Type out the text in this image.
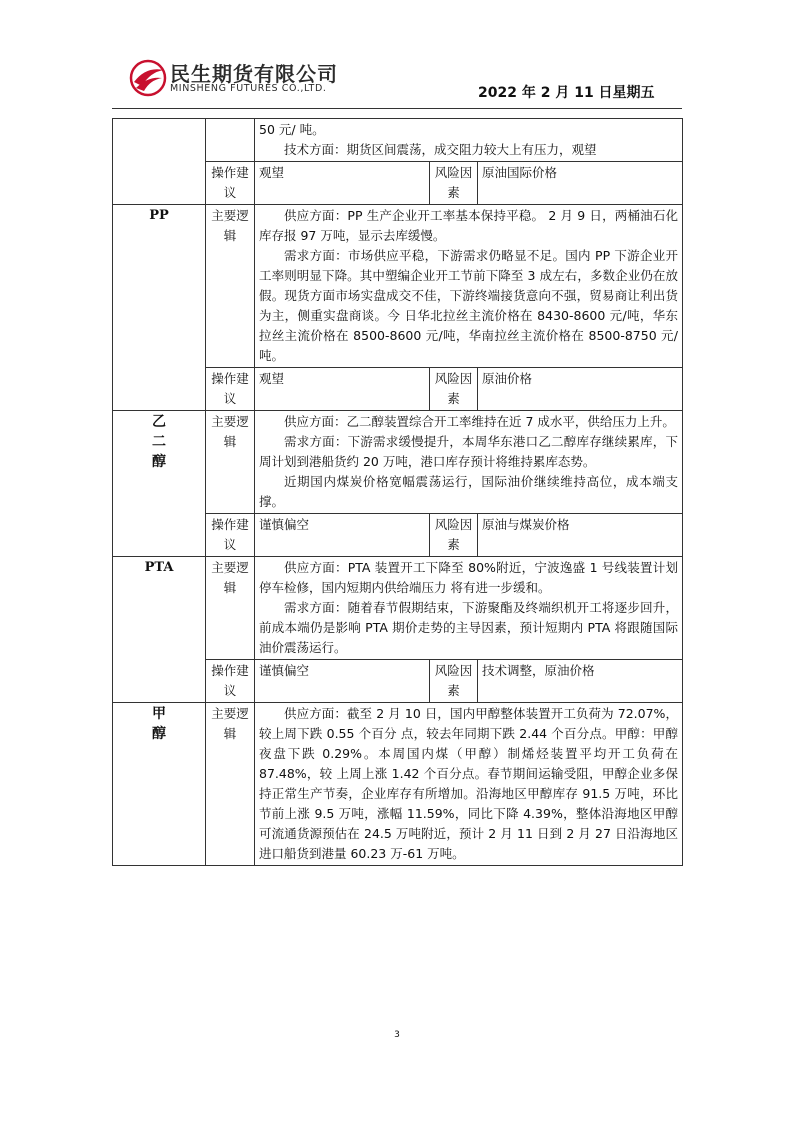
民生期货有限公司
MINSHENG FUTURES CO.,LTD.	2022 年 2 月 11 日星期五

		50 元/ 吨。

技术方面：期货区间震荡，成交阻力较大上有压力，观望		

	操作建议	观望	风险因素	原油国际价格
PP	主要逻辑	供应方面：PP 生产企业开工率基本保持平稳。 2 月 9 日，两桶油石化库存报 97 万吨，显示去库缓慢。

需求方面：市场供应平稳，下游需求仍略显不足。国内 PP 下游企业开工率则明显下降。其中塑编企业开工节前下降至 3 成左右，多数企业仍在放假。现货方面市场实盘成交不佳，下游终端接货意向不强，贸易商让利出货为主，侧重实盘商谈。今 日华北拉丝主流价格在 8430-8600 元/吨，华东拉丝主流价格在 8500-8600 元/吨，华南拉丝主流价格在 8500-8750 元/吨。		

	操作建议	观望	风险因素	原油价格
乙二醇	主要逻辑	供应方面：乙二醇装置综合开工率维持在近 7 成水平，供给压力上升。

需求方面：下游需求缓慢提升，本周华东港口乙二醇库存继续累库，下周计划到港船货约 20 万吨，港口库存预计将维持累库态势。

近期国内煤炭价格宽幅震荡运行，国际油价继续维持高位，成本端支撑。		

	操作建议	谨慎偏空	风险因素	原油与煤炭价格
PTA	主要逻辑	供应方面：PTA 装置开工下降至 80%附近，宁波逸盛 1 号线装置计划停车检修，国内短期内供给端压力 将有进一步缓和。

需求方面：随着春节假期结束，下游聚酯及终端织机开工将逐步回升，前成本端仍是影响 PTA 期价走势的主导因素，预计短期内 PTA 将跟随国际油价震荡运行。		

	操作建议	谨慎偏空	风险因素	技术调整，原油价格
甲醇	主要逻辑	供应方面：截至 2 月 10 日，国内甲醇整体装置开工负荷为 72.07%，较上周下跌 0.55 个百分 点，较去年同期下跌 2.44 个百分点。甲醇：甲醇夜盘下跌 0.29%。本周国内煤（甲醇）制烯烃装置平均开工负荷在 87.48%，较 上周上涨 1.42 个百分点。春节期间运输受阻，甲醇企业多保持正常生产节奏，企业库存有所增加。沿海地区甲醇库存 91.5 万吨，环比节前上涨 9.5 万吨，涨幅 11.59%，同比下降 4.39%，整体沿海地区甲醇可流通货源预估在 24.5 万吨附近，预计 2 月 11 日到 2 月 27 日沿海地区进口船货到港量 60.23 万-61 万吨。		

3
